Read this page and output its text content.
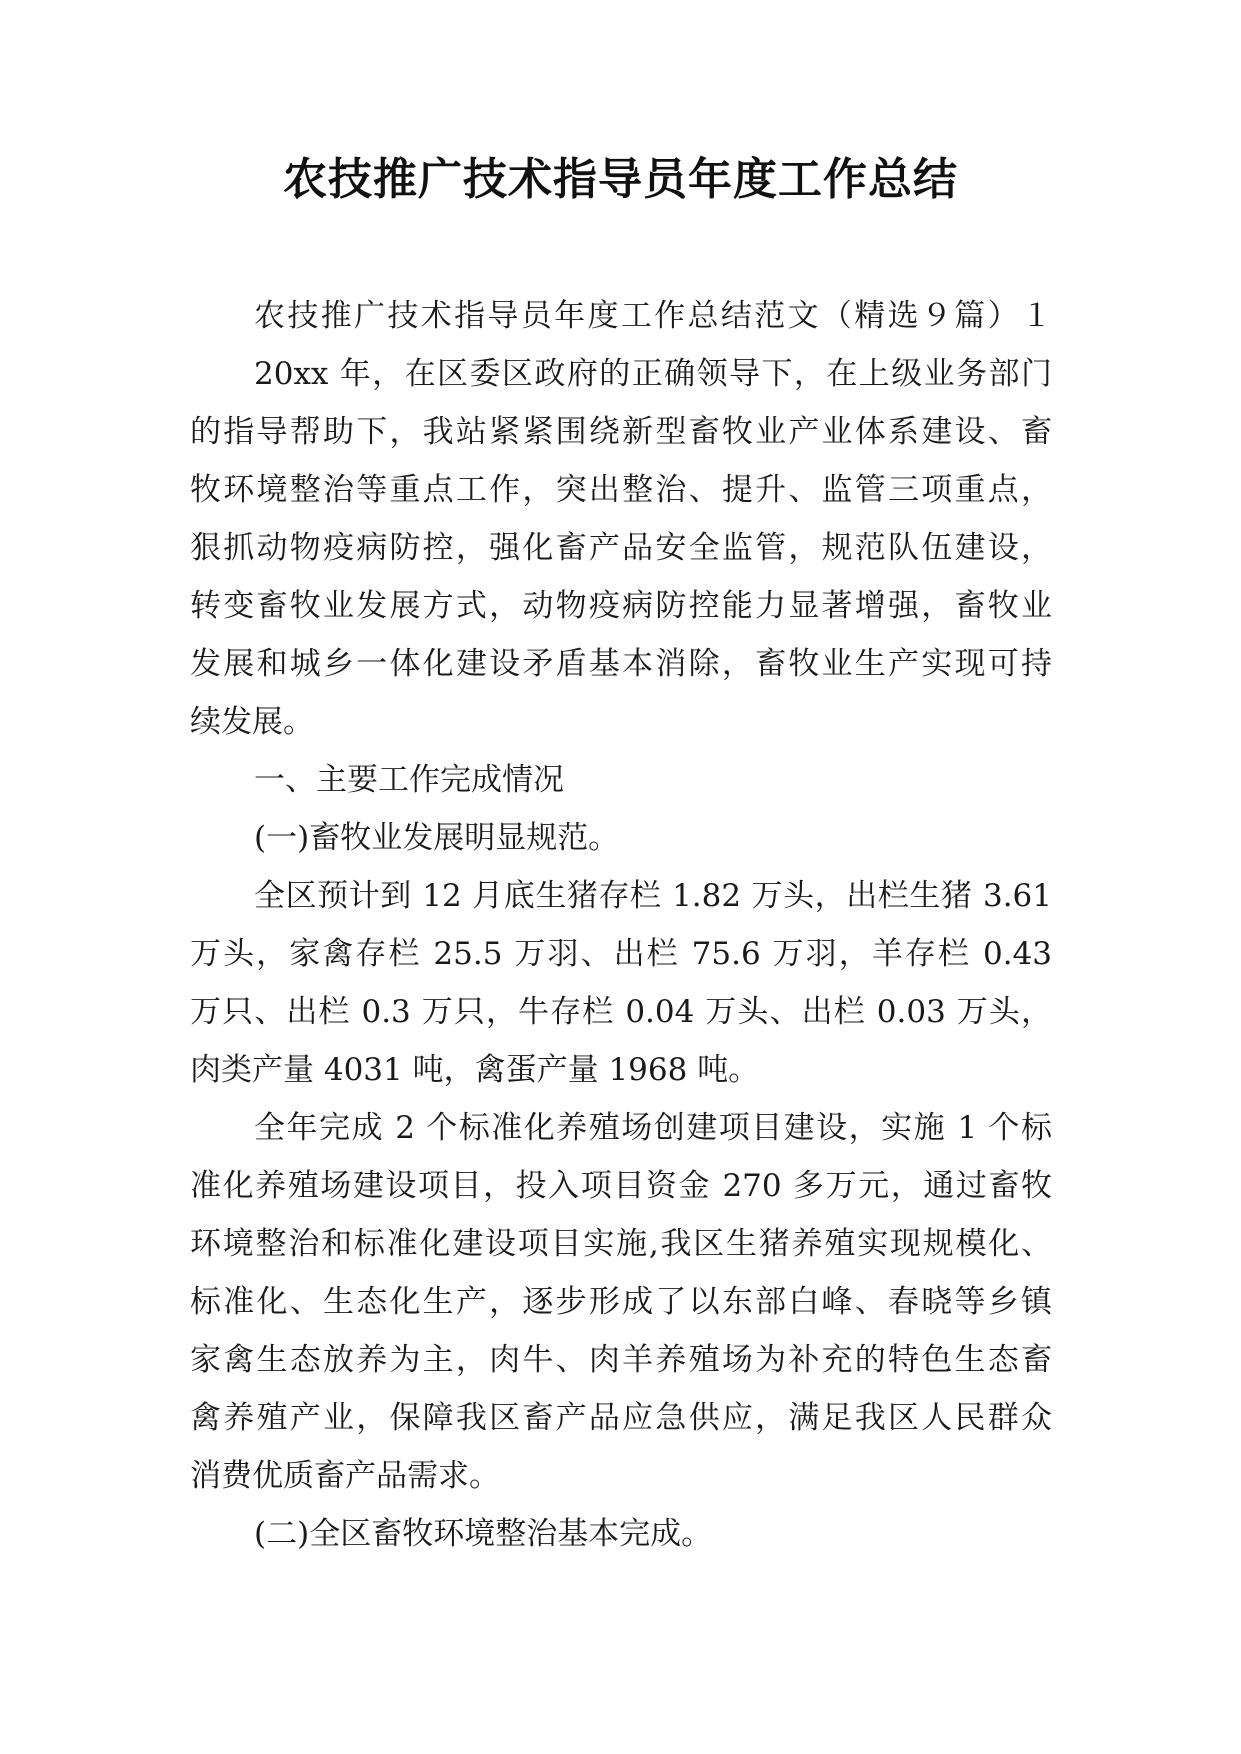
农技推广技术指导员年度工作总结
农技推广技术指导员年度工作总结范文（精选９篇）１
20xx 年，在区委区政府的正确领导下，在上级业务部门
的指导帮助下，我站紧紧围绕新型畜牧业产业体系建设、畜
牧环境整治等重点工作，突出整治、提升、监管三项重点，
狠抓动物疫病防控，强化畜产品安全监管，规范队伍建设，
转变畜牧业发展方式，动物疫病防控能力显著增强，畜牧业
发展和城乡一体化建设矛盾基本消除，畜牧业生产实现可持
续发展。
一、主要工作完成情况
(一)畜牧业发展明显规范。
全区预计到 12 月底生猪存栏 1.82 万头，出栏生猪 3.61
万头，家禽存栏 25.5 万羽、出栏 75.6 万羽，羊存栏 0.43
万只、出栏 0.3 万只，牛存栏 0.04 万头、出栏 0.03 万头，
肉类产量 4031 吨，禽蛋产量 1968 吨。
全年完成 2 个标准化养殖场创建项目建设，实施 1 个标
准化养殖场建设项目，投入项目资金 270 多万元，通过畜牧
环境整治和标准化建设项目实施,我区生猪养殖实现规模化、
标准化、生态化生产，逐步形成了以东部白峰、春晓等乡镇
家禽生态放养为主，肉牛、肉羊养殖场为补充的特色生态畜
禽养殖产业，保障我区畜产品应急供应，满足我区人民群众
消费优质畜产品需求。
(二)全区畜牧环境整治基本完成。
